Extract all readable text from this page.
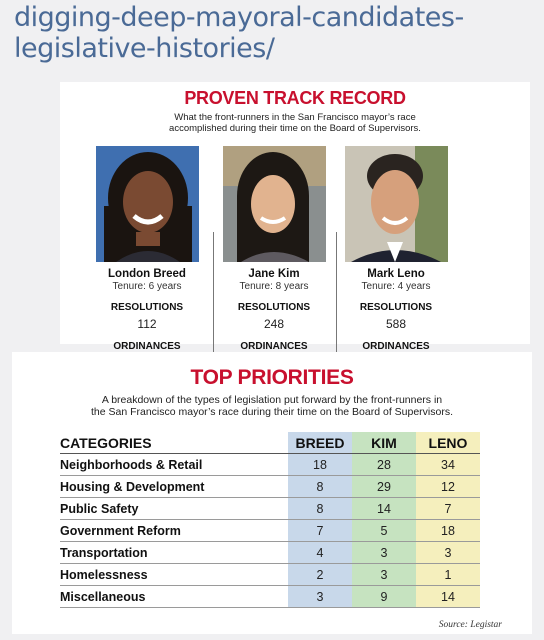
digging-deep-mayoral-candidates-legislative-histories/
PROVEN TRACK RECORD
What the front-runners in the San Francisco mayor’s race
accomplished during their time on the Board of Supervisors.
London Breed
Tenure: 6 years
RESOLUTIONS
112
ORDINANCES
Jane Kim
Tenure: 8 years
RESOLUTIONS
248
ORDINANCES
Mark Leno
Tenure: 4 years
RESOLUTIONS
588
ORDINANCES
TOP PRIORITIES
A breakdown of the types of legislation put forward by the front-runners in
the San Francisco mayor’s race during their time on the Board of Supervisors.
CATEGORIES	BREED	KIM	LENO
Neighborhoods & Retail	18	28	34
Housing & Development	8	29	12
Public Safety	8	14	7
Government Reform	7	5	18
Transportation	4	3	3
Homelessness	2	3	1
Miscellaneous	3	9	14
Source: Legistar
